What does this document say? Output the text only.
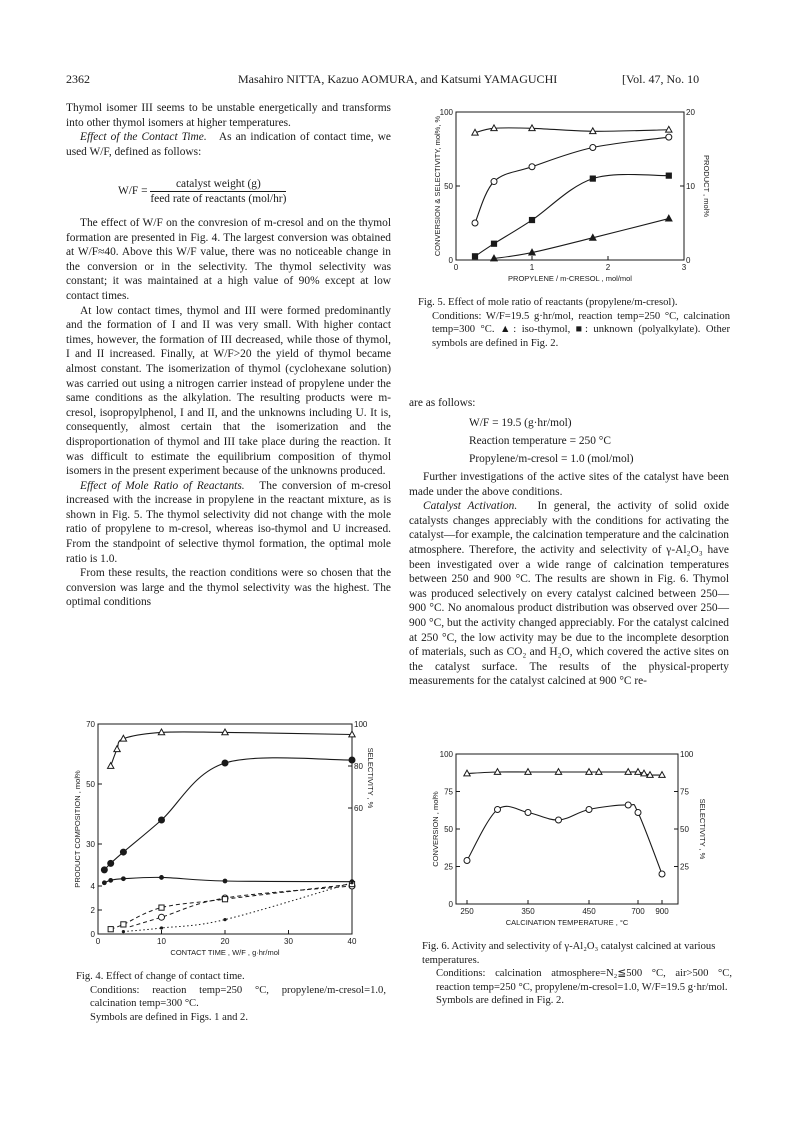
2362	Masahiro NITTA, Kazuo AOMURA, and Katsumi YAMAGUCHI	[Vol. 47, No. 10

Thymol isomer III seems to be unstable energetically and transforms into other thymol isomers at higher temperatures.

Effect of the Contact Time. As an indication of contact time, we used W/F, defined as follows:

$W/F = \frac{\text{catalyst weight (g)}}{\text{feed rate of reactants (mol/hr)}}$

The effect of W/F on the convresion of m-cresol and on the thymol formation are presented in Fig. 4. The largest conversion was obtained at W/F≈40. Above this W/F value, there was no noticeable change in the conversion or in the selectivity. The thymol selectivity was constant; it was maintained at a high value of 90% except at low contact times.

At low contact times, thymol and III were formed predominantly and the formation of I and II was very small. With higher contact times, however, the formation of III decreased, while those of thymol, I and II increased. Finally, at W/F>20 the yield of thymol became almost constant. The isomerization of thymol (cyclohexane solution) was carried out using a nitrogen carrier instead of propylene under the same conditions as the alkylation. The resulting products were m-cresol, isopropylphenol, I and II, and the unknowns including U. It is, consequently, almost certain that the isomerization and the disproportionation of thymol and III take place during the reaction. It was difficult to estimate the equilibrium composition of thymol isomers in the present experiment because of the unknowns produced.

Effect of Mole Ratio of Reactants. The conversion of m-cresol increased with the increase in propylene in the reactant mixture, as is shown in Fig. 5. The thymol selectivity did not change with the mole ratio of propylene to m-cresol, whereas iso-thymol and U increased. From the standpoint of selective thymol formation, the optimal mole ratio is 1.0.

From these results, the reaction conditions were so chosen that the conversion was large and the thymol selectivity was the highest. The optimal conditions

0	1	2	3
0
50
100
0
10
20
PROPYLENE / m-CRESOL , mol/mol
CONVERSION & SELECTIVITY, mol%, %	PRODUCT , mol%

Fig. 5. Effect of mole ratio of reactants (propylene/m-cresol).

Conditions: W/F=19.5 g·hr/mol, reaction temp=250 °C, calcination temp=300 °C. ▲: iso-thymol, ■: unknown (polyalkylate). Other symbols are defined in Fig. 2.

are as follows:

W/F = 19.5 (g·hr/mol)

Reaction temperature = 250 °C

Propylene/m-cresol = 1.0 (mol/mol)

Further investigations of the active sites of the catalyst have been made under the above conditions.

Catalyst Activation. In general, the activity of solid oxide catalysts changes appreciably with the conditions for activating the catalyst—for example, the calcination temperature and the calcination atmosphere. Therefore, the activity and selectivity of γ-Al₂O₃ have been investigated over a wide range of calcination temperatures between 250 and 900 °C. The results are shown in Fig. 6. Thymol was produced selectively on every catalyst calcined between 250—900 °C. No anomalous product distribution was observed over 250—900 °C, but the activity changed appreciably. For the catalyst calcined at 250 °C, the low activity may be due to the incomplete desorption of materials, such as CO₂ and H₂O, which covered the active sites on the catalyst surface. The results of the physical-property measurements for the catalyst calcined at 900 °C re-

0	10	20	30	40
0
2
4
30
50
70
60
80
100
CONTACT TIME , W/F , g·hr/mol
PRODUCT COMPOSITION , mol%	SELECTIVITY , %

Fig. 4. Effect of change of contact time.

Conditions: reaction temp=250 °C, propylene/m-cresol=1.0, calcination temp=300 °C.

Symbols are defined in Figs. 1 and 2.

250	350	450	700 900
0
25
50
75
100
25
50
75
100
CALCINATION TEMPERATURE , °C
CONVERSION , mol%	SELECTIVITY , %

Fig. 6. Activity and selectivity of γ-Al₂O₃ catalyst calcined at various temperatures.

Conditions: calcination atmosphere=N₂≦500 °C, air>500 °C, reaction temp=250 °C, propylene/m-cresol=1.0, W/F=19.5 g·hr/mol.

Symbols are defined in Fig. 2.
